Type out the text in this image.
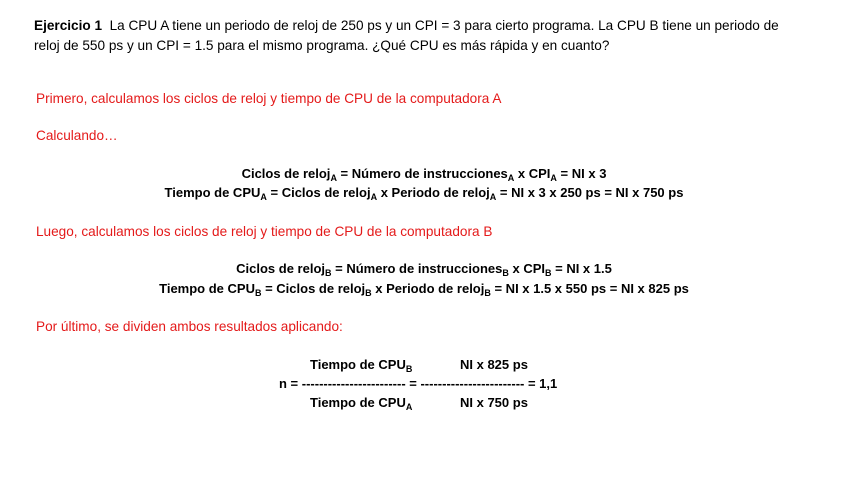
Ejercicio 1 La CPU A tiene un periodo de reloj de 250 ps y un CPI = 3 para cierto programa. La CPU B tiene un periodo de
reloj de 550 ps y un CPI = 1.5 para el mismo programa. ¿Qué CPU es más rápida y en cuanto?
Primero, calculamos los ciclos de reloj y tiempo de CPU de la computadora A
Calculando…
Ciclos de reloj$_A$ = Número de instrucciones$_A$ x $CPI_A$ = NI x 3
Tiempo de $CPU_A$ = Ciclos de reloj$_A$ x Periodo de reloj$_A$ = NI x 3 x 250 ps = NI x 750 ps
Luego, calculamos los ciclos de reloj y tiempo de CPU de la computadora B
Ciclos de reloj$_B$ = Número de instrucciones$_B$ x $CPI_B$ = NI x 1.5
Tiempo de $CPU_B$ = Ciclos de reloj$_B$ x Periodo de reloj$_B$ = NI x 1.5 x 550 ps = NI x 825 ps
Por último, se dividen ambos resultados aplicando:
Tiempo de $CPU_B$	NI x 825 ps
n = ------------------------ = ------------------------ = 1,1
Tiempo de $CPU_A$	NI x 750 ps
